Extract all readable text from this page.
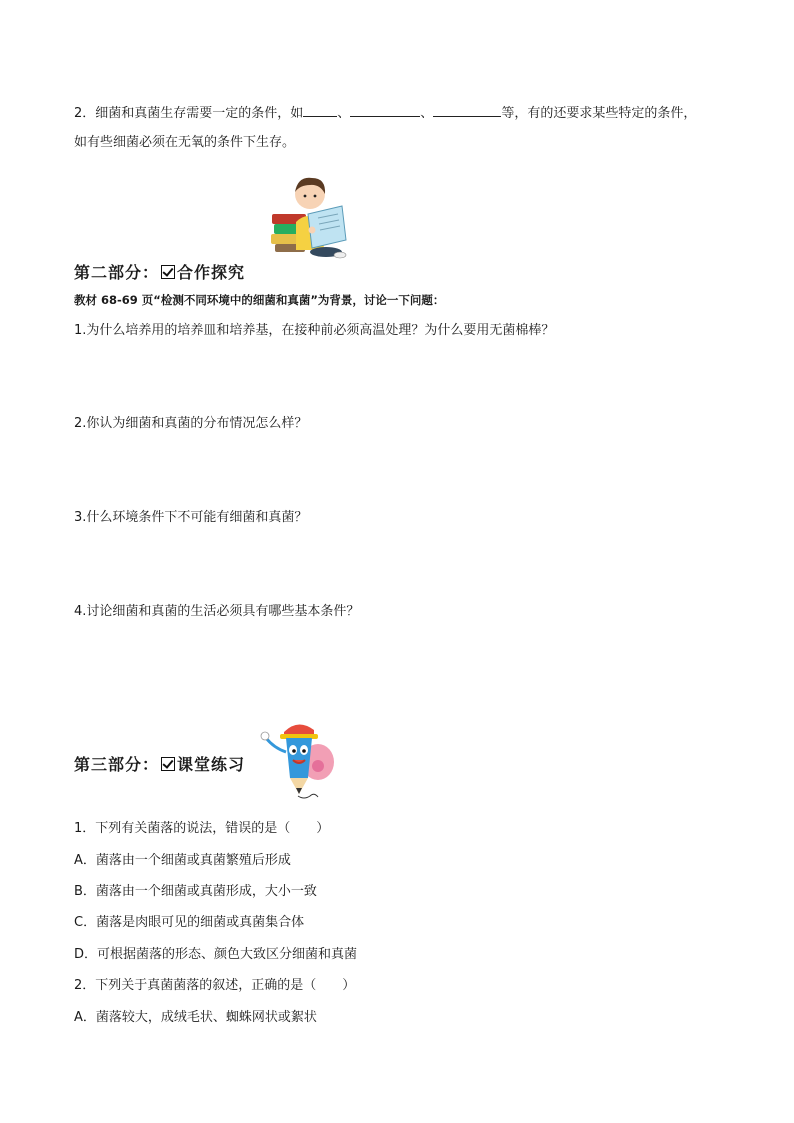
2．细菌和真菌生存需要一定的条件，如	、	、	等，有的还要求某些特定的条件，
如有些细菌必须在无氧的条件下生存。
第二部分： 合作探究
教材 68-69 页“检测不同环境中的细菌和真菌”为背景，讨论一下问题：
1.为什么培养用的培养皿和培养基，在接种前必须高温处理？为什么要用无菌棉棒？
2.你认为细菌和真菌的分布情况怎么样？
3.什么环境条件下不可能有细菌和真菌？
4.讨论细菌和真菌的生活必须具有哪些基本条件？
第三部分： 课堂练习
1．下列有关菌落的说法，错误的是（　　）
A．菌落由一个细菌或真菌繁殖后形成
B．菌落由一个细菌或真菌形成，大小一致
C．菌落是肉眼可见的细菌或真菌集合体
D．可根据菌落的形态、颜色大致区分细菌和真菌
2．下列关于真菌菌落的叙述，正确的是（　　）
A．菌落较大，成绒毛状、蜘蛛网状或絮状
